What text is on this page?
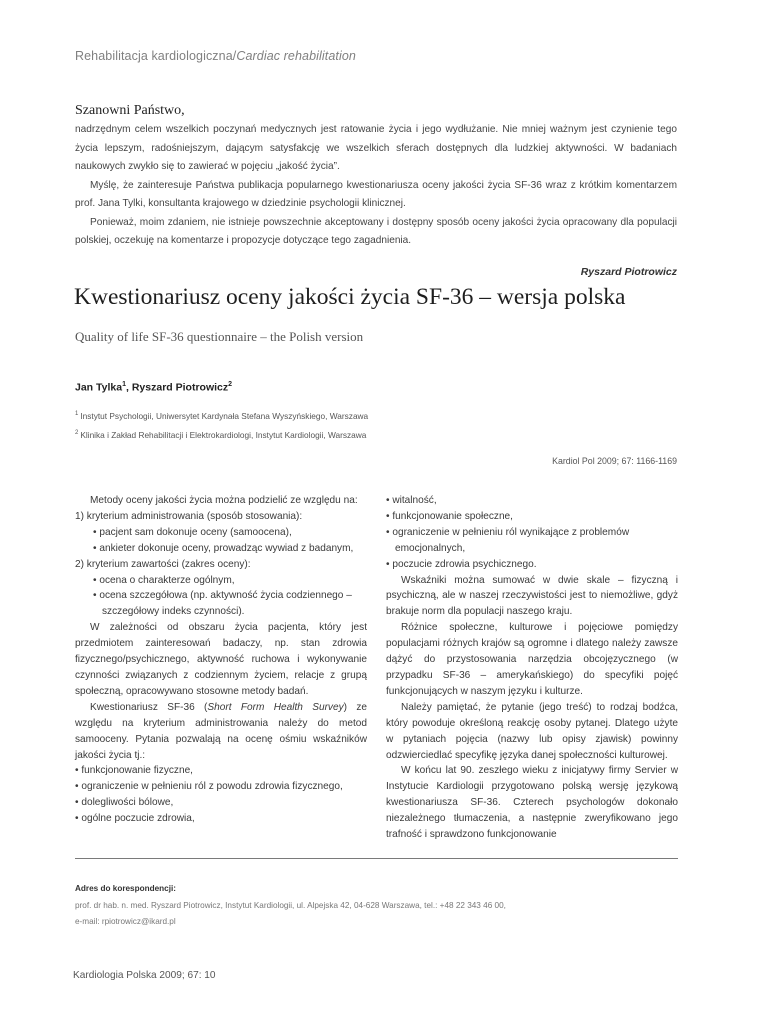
Rehabilitacja kardiologiczna/Cardiac rehabilitation
Szanowni Państwo,

nadrzędnym celem wszelkich poczynań medycznych jest ratowanie życia i jego wydłużanie. Nie mniej ważnym jest czynienie tego życia lepszym, radośniejszym, dającym satysfakcję we wszelkich sferach dostępnych dla ludzkiej aktywności. W badaniach naukowych zwykło się to zawierać w pojęciu „jakość życia”.

Myślę, że zainteresuje Państwa publikacja popularnego kwestionariusza oceny jakości życia SF-36 wraz z krótkim komentarzem prof. Jana Tylki, konsultanta krajowego w dziedzinie psychologii klinicznej.

Ponieważ, moim zdaniem, nie istnieje powszechnie akceptowany i dostępny sposób oceny jakości życia opracowany dla populacji polskiej, oczekuję na komentarze i propozycje dotyczące tego zagadnienia.

Ryszard Piotrowicz
Kwestionariusz oceny jakości życia SF-36 – wersja polska
Quality of life SF-36 questionnaire – the Polish version
Jan Tylka$^1$, Ryszard Piotrowicz$^2$
$^1$ Instytut Psychologii, Uniwersytet Kardynała Stefana Wyszyńskiego, Warszawa
$^2$ Klinika i Zakład Rehabilitacji i Elektrokardiologi, Instytut Kardiologii, Warszawa
Kardiol Pol 2009; 67: 1166-1169

Metody oceny jakości życia można podzielić ze względu na:

1) kryterium administrowania (sposób stosowania):
• pacjent sam dokonuje oceny (samoocena),
• ankieter dokonuje oceny, prowadząc wywiad z badanym,
2) kryterium zawartości (zakres oceny):
• ocena o charakterze ogólnym,
• ocena szczegółowa (np. aktywność życia codziennego – szczegółowy indeks czynności).

W zależności od obszaru życia pacjenta, który jest przedmiotem zainteresowań badaczy, np. stan zdrowia fizycznego/psychicznego, aktywność ruchowa i wykonywanie czynności związanych z codziennym życiem, relacje z grupą społeczną, opracowywano stosowne metody badań.

Kwestionariusz SF-36 (Short Form Health Survey) ze względu na kryterium administrowania należy do metod samooceny. Pytania pozwalają na ocenę ośmiu wskaźników jakości życia tj.:

• funkcjonowanie fizyczne,
• ograniczenie w pełnieniu ról z powodu zdrowia fizycznego,
• dolegliwości bólowe,
• ogólne poczucie zdrowia,
• witalność,
• funkcjonowanie społeczne,
• ograniczenie w pełnieniu ról wynikające z problemów emocjonalnych,
• poczucie zdrowia psychicznego.

Wskaźniki można sumować w dwie skale – fizyczną i psychiczną, ale w naszej rzeczywistości jest to niemożliwe, gdyż brakuje norm dla populacji naszego kraju.

Różnice społeczne, kulturowe i pojęciowe pomiędzy populacjami różnych krajów są ogromne i dlatego należy zawsze dążyć do przystosowania narzędzia obcojęzycznego (w przypadku SF-36 – amerykańskiego) do specyfiki pojęć funkcjonujących w naszym języku i kulturze.

Należy pamiętać, że pytanie (jego treść) to rodzaj bodźca, który powoduje określoną reakcję osoby pytanej. Dlatego użyte w pytaniach pojęcia (nazwy lub opisy zjawisk) powinny odzwierciedlać specyfikę języka danej społeczności kulturowej.

W końcu lat 90. zeszłego wieku z inicjatywy firmy Servier w Instytucie Kardiologii przygotowano polską wersję językową kwestionariusza SF-36. Czterech psychologów dokonało niezależnego tłumaczenia, a następnie zweryfikowano jego trafność i sprawdzono funkcjonowanie

Adres do korespondencji:
prof. dr hab. n. med. Ryszard Piotrowicz, Instytut Kardiologii, ul. Alpejska 42, 04-628 Warszawa, tel.: +48 22 343 46 00,
e-mail: rpiotrowicz@ikard.pl
Kardiologia Polska 2009; 67: 10
